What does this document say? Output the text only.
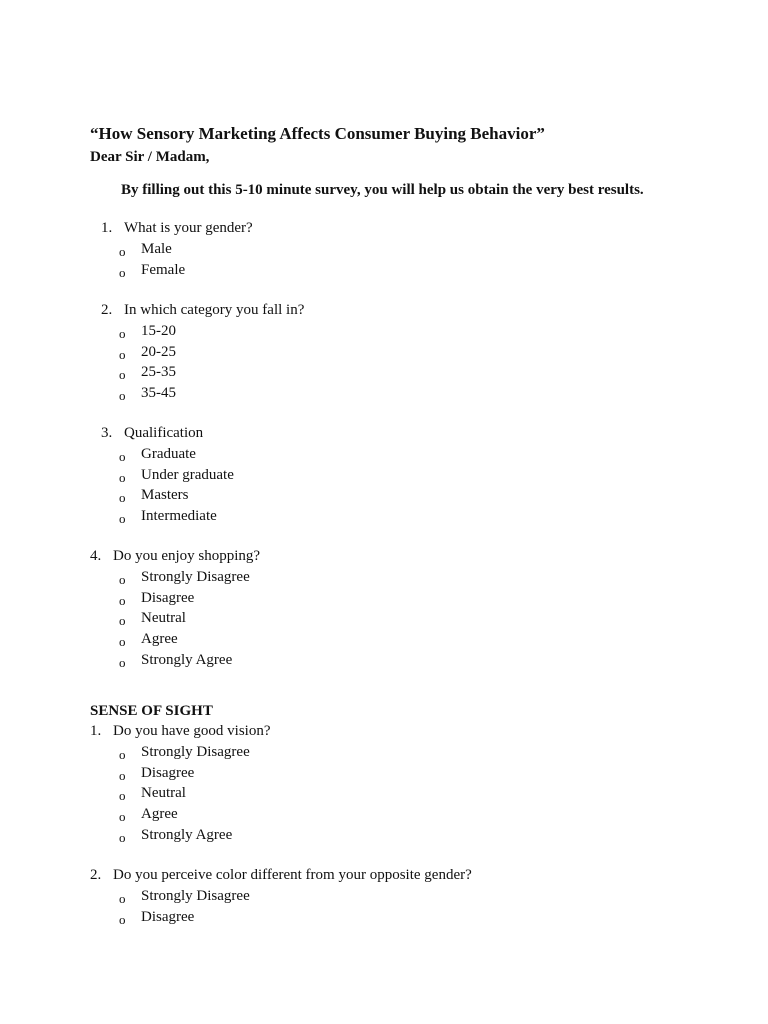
“How Sensory Marketing Affects Consumer Buying Behavior”
Dear Sir / Madam,
By filling out this 5-10 minute survey, you will help us obtain the very best results.
1. What is your gender?
o Male
o Female
2. In which category you fall in?
o 15-20
o 20-25
o 25-35
o 35-45
3. Qualification
o Graduate
o Under graduate
o Masters
o Intermediate
4. Do you enjoy shopping?
o Strongly Disagree
o Disagree
o Neutral
o Agree
o Strongly Agree
SENSE OF SIGHT
1. Do you have good vision?
o Strongly Disagree
o Disagree
o Neutral
o Agree
o Strongly Agree
2. Do you perceive color different from your opposite gender?
o Strongly Disagree
o Disagree
